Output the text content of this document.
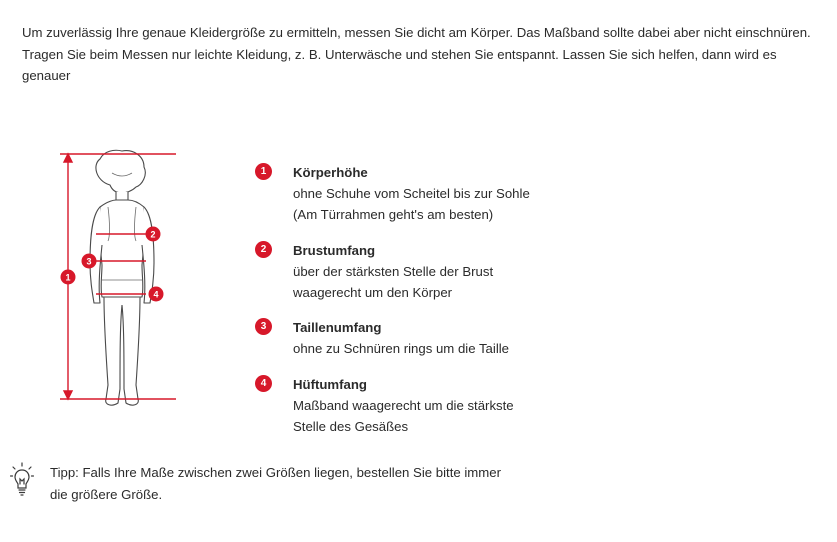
Um zuverlässig Ihre genaue Kleidergröße zu ermitteln, messen Sie dicht am Körper. Das Maßband sollte dabei aber nicht einschnüren. Tragen Sie beim Messen nur leichte Kleidung, z. B. Unterwäsche und stehen Sie entspannt. Lassen Sie sich helfen, dann wird es genauer

1
2
3
4
1	Körperhöhe
ohne Schuhe vom Scheitel bis zur Sohle
(Am Türrahmen geht's am besten)
2	Brustumfang
über der stärksten Stelle der Brust
waagerecht um den Körper
3	Taillenumfang
ohne zu Schnüren rings um die Taille
4	Hüftumfang
Maßband waagerecht um die stärkste
Stelle des Gesäßes

Tipp: Falls Ihre Maße zwischen zwei Größen liegen, bestellen Sie bitte immer
die größere Größe.
